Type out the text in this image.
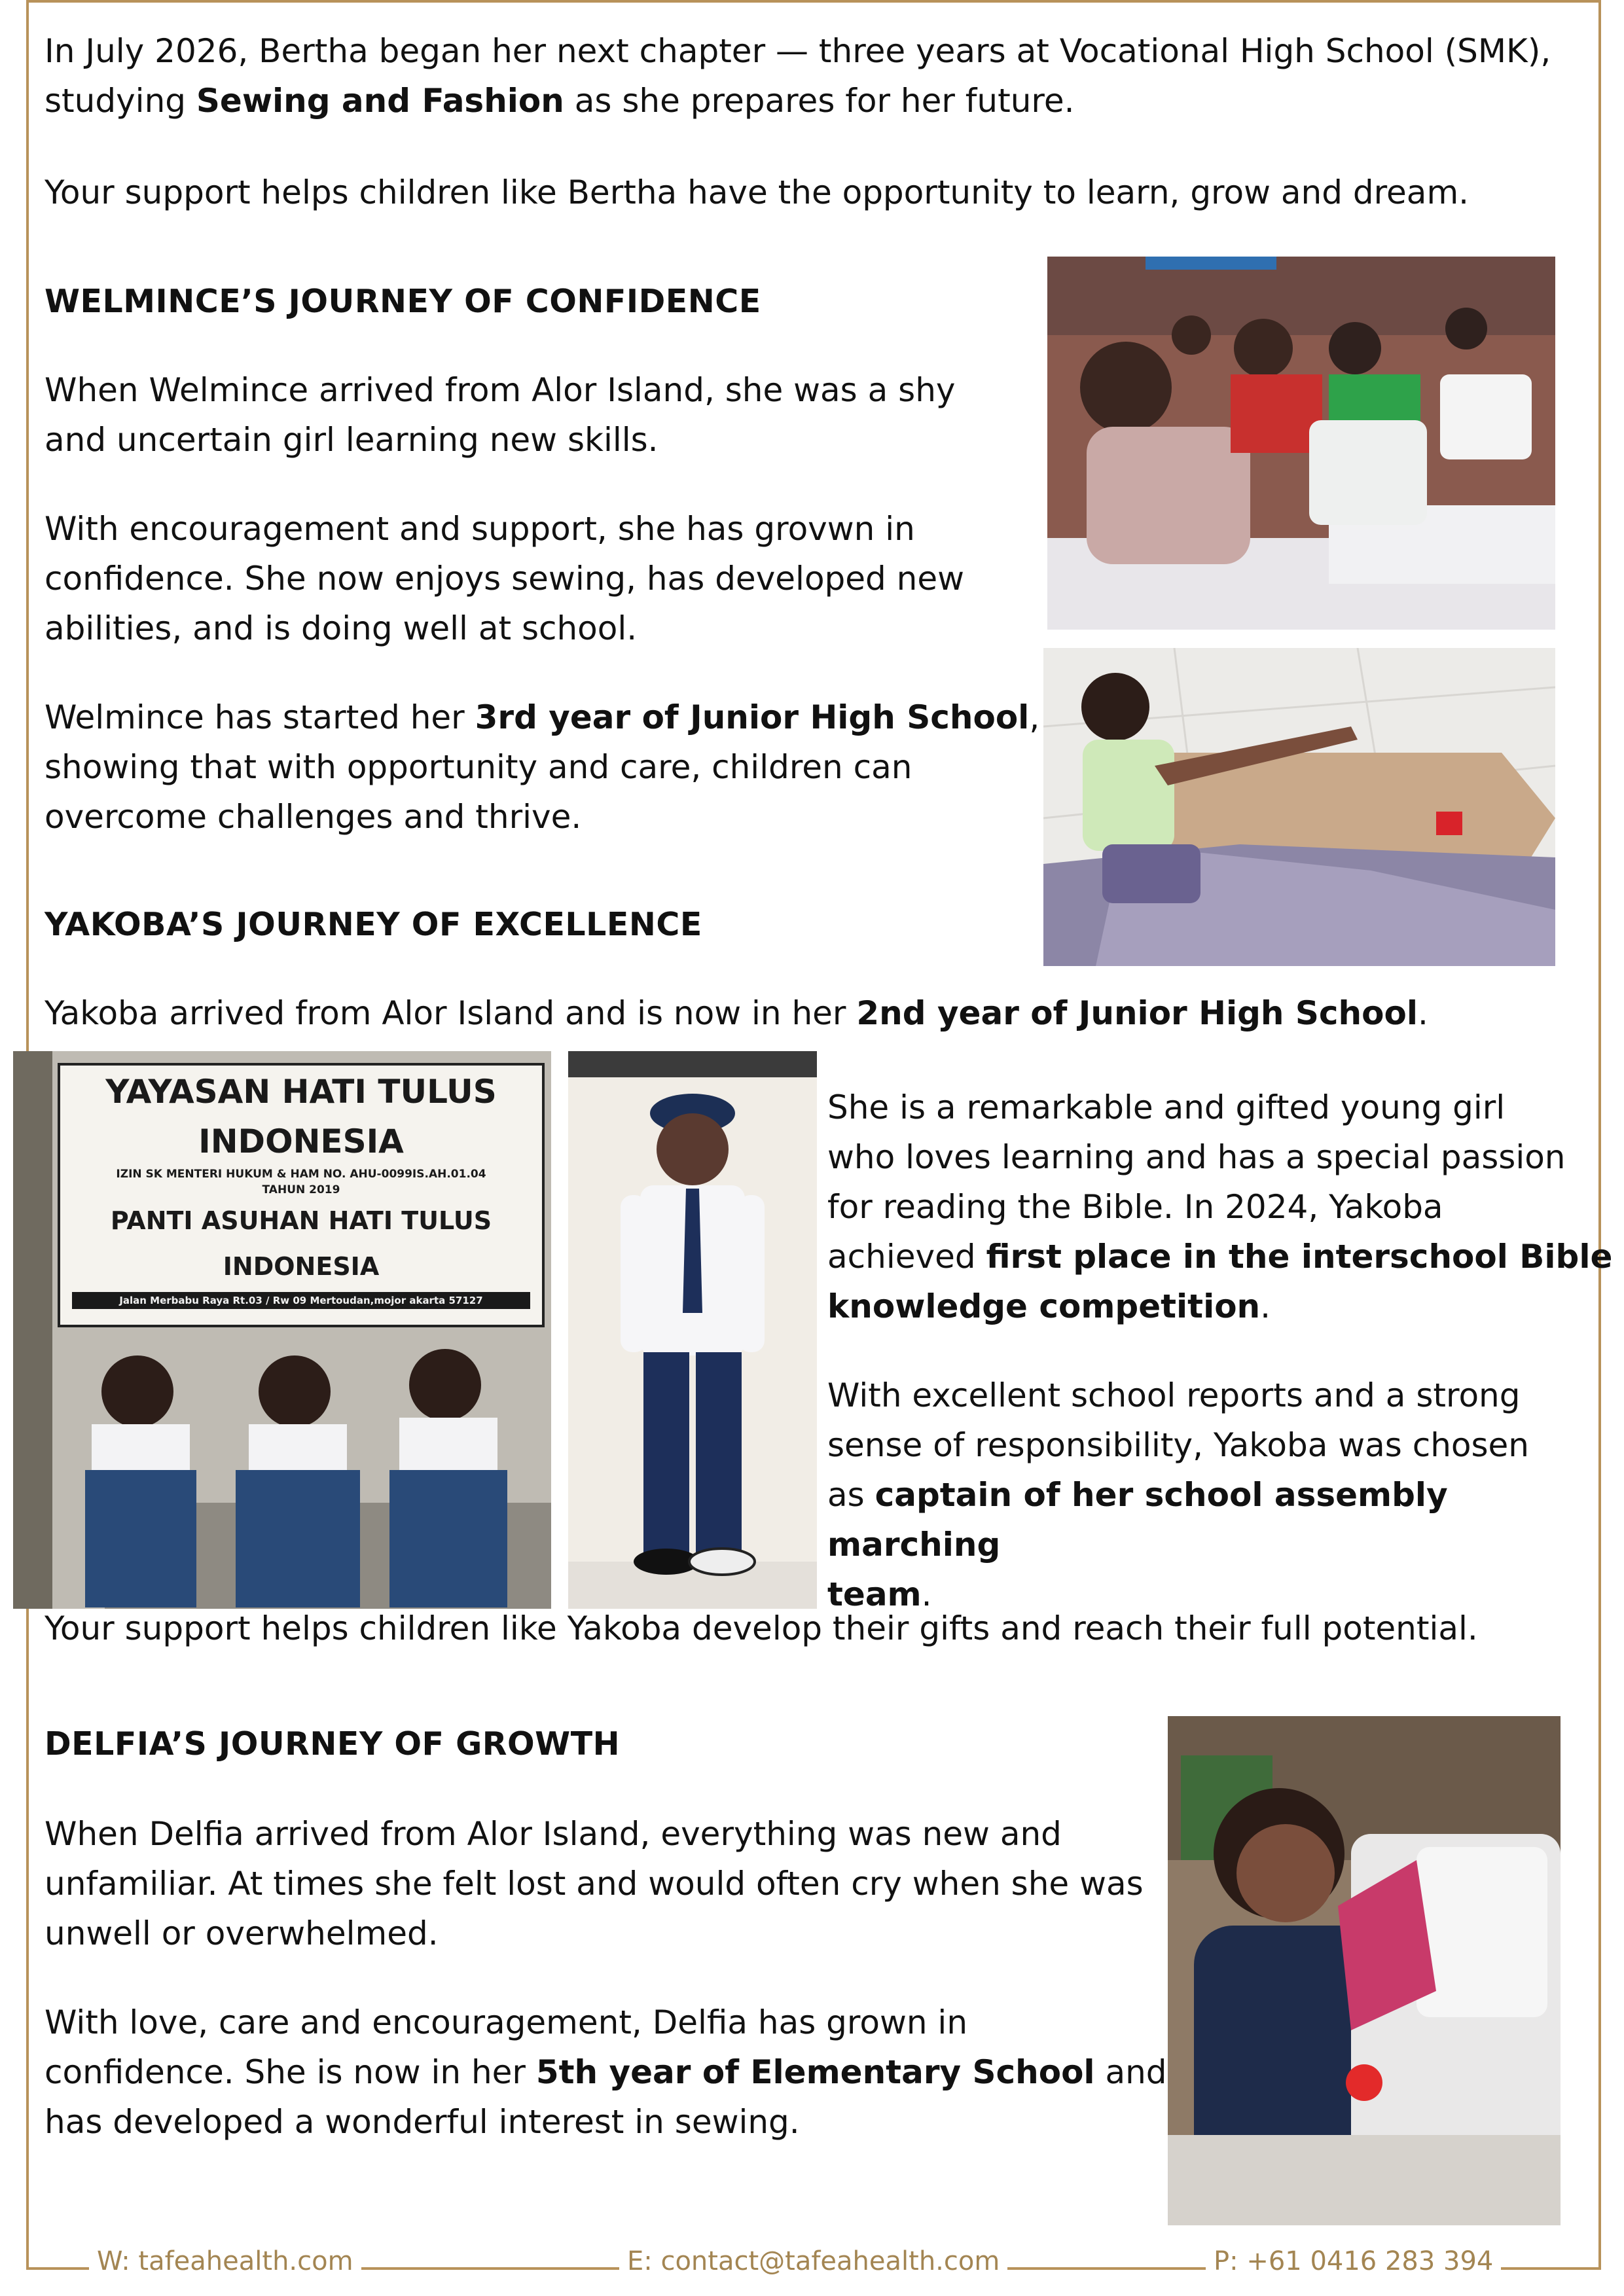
In July 2026, Bertha began her next chapter — three years at Vocational High School (SMK),
studying Sewing and Fashion as she prepares for her future.
Your support helps children like Bertha have the opportunity to learn, grow and dream.
WELMINCE’S JOURNEY OF CONFIDENCE
When Welmince arrived from Alor Island, she was a shy
and uncertain girl learning new skills.
With encouragement and support, she has grovwn in
confidence. She now enjoys sewing, has developed new
abilities, and is doing well at school.
Welmince has started her 3rd year of Junior High School,
showing that with opportunity and care, children can
overcome challenges and thrive.
YAKOBA’S JOURNEY OF EXCELLENCE
Yakoba arrived from Alor Island and is now in her 2nd year of Junior High School.
YAYASAN HATI TULUS INDONESIA
IZIN SK MENTERI HUKUM & HAM NO. AHU-0099IS.AH.01.04
TAHUN 2019
PANTI ASUHAN HATI TULUS INDONESIA
Jalan Merbabu Raya Rt.03 / Rw 09 Mertoudan,mojor akarta 57127
She is a remarkable and gifted young girl
who loves learning and has a special passion
for reading the Bible. In 2024, Yakoba
achieved first place in the interschool Bible
knowledge competition.
With excellent school reports and a strong
sense of responsibility, Yakoba was chosen
as captain of her school assembly marching
team.
Your support helps children like Yakoba develop their gifts and reach their full potential.
DELFIA’S JOURNEY OF GROWTH
When Delfia arrived from Alor Island, everything was new and
unfamiliar. At times she felt lost and would often cry when she was
unwell or overwhelmed.
With love, care and encouragement, Delfia has grown in
confidence. She is now in her 5th year of Elementary School and
has developed a wonderful interest in sewing.
W: tafeahealth.com	E: contact@tafeahealth.com	P: +61 0416 283 394
